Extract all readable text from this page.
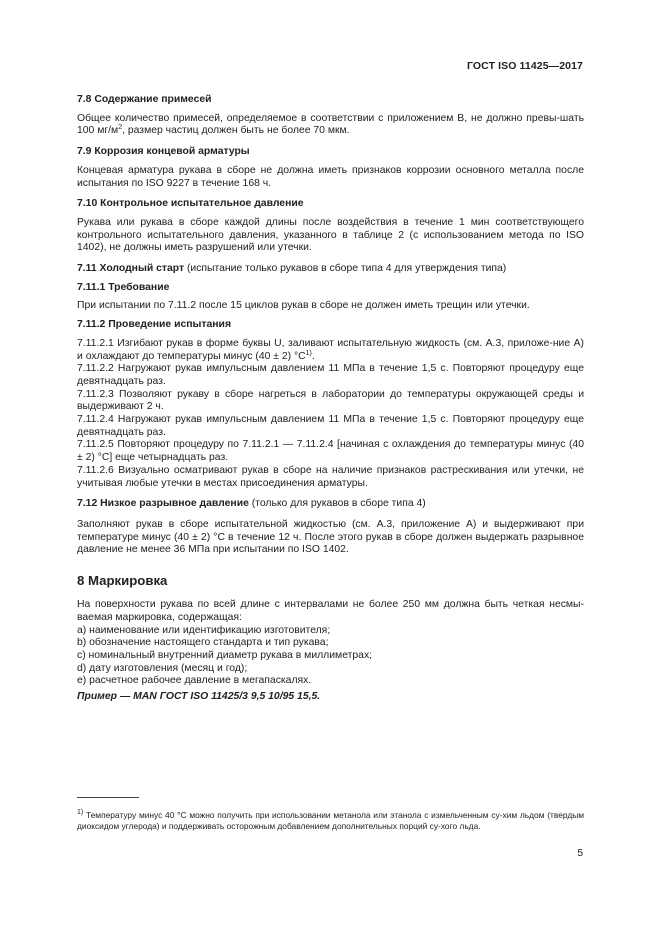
ГОСТ ISO 11425—2017

7.8 Содержание примесей

Общее количество примесей, определяемое в соответствии с приложением В, не должно превы-шать 100 $мг/м^2$, размер частиц должен быть не более 70 мкм.

7.9 Коррозия концевой арматуры

Концевая арматура рукава в сборе не должна иметь признаков коррозии основного металла после испытания по ISO 9227 в течение 168 ч.

7.10 Контрольное испытательное давление

Рукава или рукава в сборе каждой длины после воздействия в течение 1 мин соответствующего контрольного испытательного давления, указанного в таблице 2 (с использованием метода по ISO 1402), не должны иметь разрушений или утечки.

7.11 Холодный старт (испытание только рукавов в сборе типа 4 для утверждения типа)

7.11.1 Требование

При испытании по 7.11.2 после 15 циклов рукав в сборе не должен иметь трещин или утечки.

7.11.2 Проведение испытания

7.11.2.1 Изгибают рукав в форме буквы U, заливают испытательную жидкость (см. А.3, приложе-ние А) и охлаждают до температуры минус (40 ± 2) $^\circ C^{1)}$.

7.11.2.2 Нагружают рукав импульсным давлением 11 МПа в течение 1,5 с. Повторяют процедуру еще девятнадцать раз.

7.11.2.3 Позволяют рукаву в сборе нагреться в лаборатории до температуры окружающей среды и выдерживают 2 ч.

7.11.2.4 Нагружают рукав импульсным давлением 11 МПа в течение 1,5 с. Повторяют процедуру еще девятнадцать раз.

7.11.2.5 Повторяют процедуру по 7.11.2.1 — 7.11.2.4 [начиная с охлаждения до температуры минус (40 ± 2) °C] еще четырнадцать раз.

7.11.2.6 Визуально осматривают рукав в сборе на наличие признаков растрескивания или утечки, не учитывая любые утечки в местах присоединения арматуры.

7.12 Низкое разрывное давление (только для рукавов в сборе типа 4)

Заполняют рукав в сборе испытательной жидкостью (см. А.3, приложение А) и выдерживают при температуре минус (40 ± 2) °C в течение 12 ч. После этого рукав в сборе должен выдержать разрывное давление не менее 36 МПа при испытании по ISO 1402.

8 Маркировка

На поверхности рукава по всей длине с интервалами не более 250 мм должна быть четкая несмы-ваемая маркировка, содержащая:

а) наименование или идентификацию изготовителя;

b) обозначение настоящего стандарта и тип рукава;

c) номинальный внутренний диаметр рукава в миллиметрах;

d) дату изготовления (месяц и год);

е) расчетное рабочее давление в мегапаскалях.

Пример — MAN ГОСТ ISO 11425/3 9,5 10/95 15,5.

$^{1)}$ Температуру минус 40 °C можно получить при использовании метанола или этанола с измельченным су-хим льдом (твердым диоксидом углерода) и поддерживать осторожным добавлением дополнительных порций су-хого льда.

5
